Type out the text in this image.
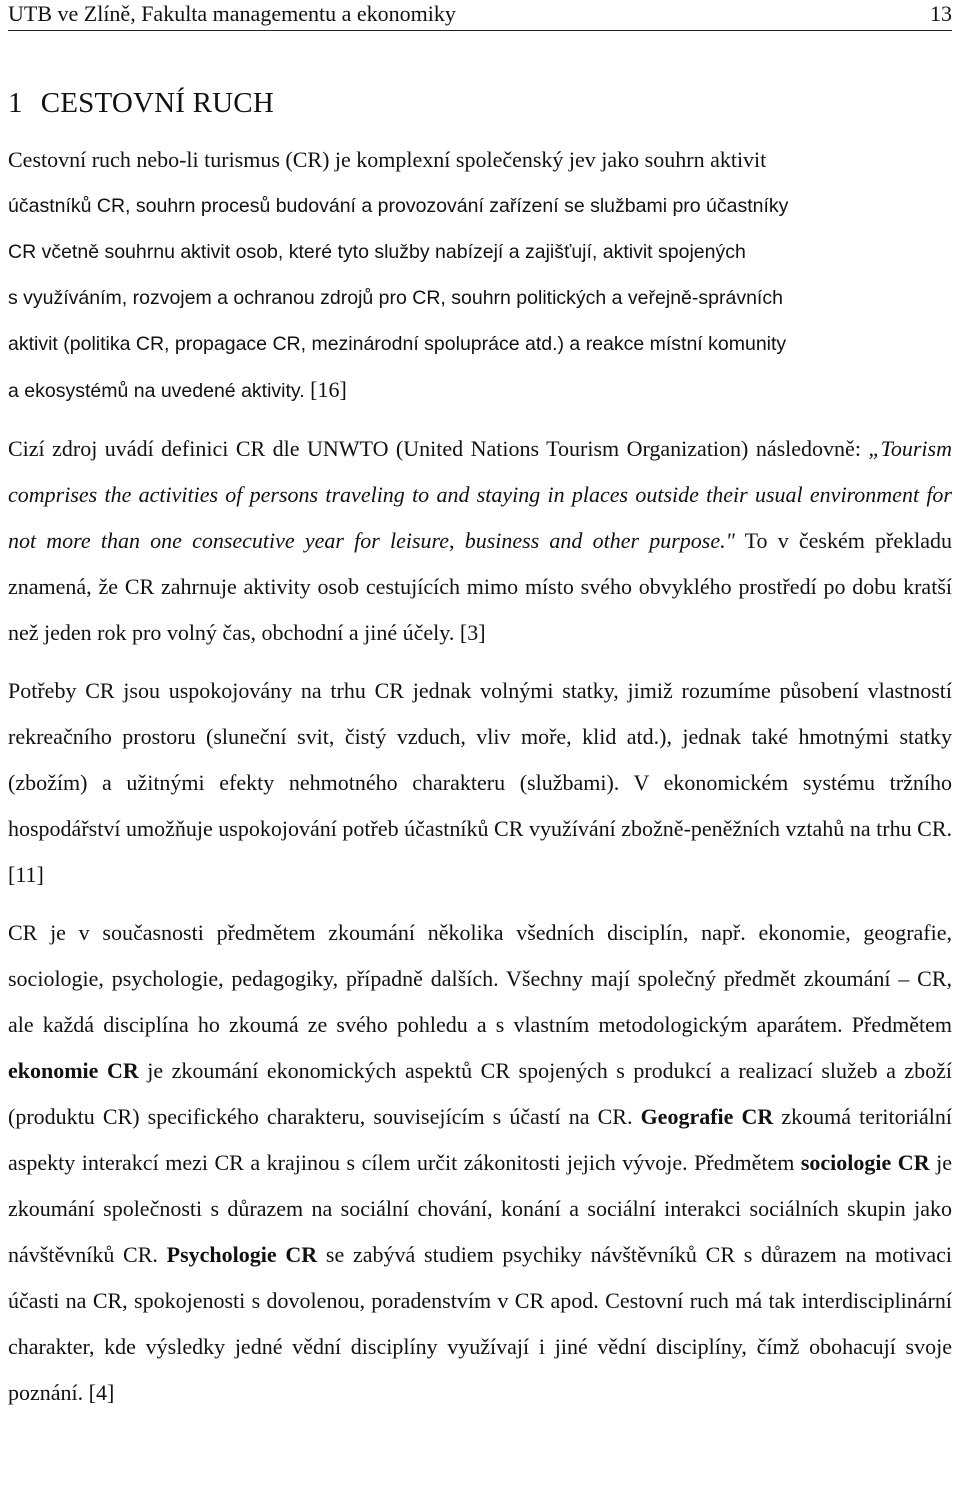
UTB ve Zlíně, Fakulta managementu a ekonomiky	13
1 CESTOVNÍ RUCH
Cestovní ruch nebo-li turismus (CR) je komplexní společenský jev jako souhrn aktivit
účastníků CR, souhrn procesů budování a provozování zařízení se službami pro účastníky
CR včetně souhrnu aktivit osob, které tyto služby nabízejí a zajišťují, aktivit spojených
s využíváním, rozvojem a ochranou zdrojů pro CR, souhrn politických a veřejně-správních
aktivit (politika CR, propagace CR, mezinárodní spolupráce atd.) a reakce místní komunity
a ekosystémů na uvedené aktivity. [16]

Cizí zdroj uvádí definici CR dle UNWTO (United Nations Tourism Organization) následovně: „Tourism comprises the activities of persons traveling to and staying in places outside their usual environment for not more than one consecutive year for leisure, business and other purpose." To v českém překladu znamená, že CR zahrnuje aktivity osob cestujících mimo místo svého obvyklého prostředí po dobu kratší než jeden rok pro volný čas, obchodní a jiné účely. [3]

Potřeby CR jsou uspokojovány na trhu CR jednak volnými statky, jimiž rozumíme působení vlastností rekreačního prostoru (sluneční svit, čistý vzduch, vliv moře, klid atd.), jednak také hmotnými statky (zbožím) a užitnými efekty nehmotného charakteru (službami). V ekonomickém systému tržního hospodářství umožňuje uspokojování potřeb účastníků CR využívání zbožně-peněžních vztahů na trhu CR. [11]

CR je v současnosti předmětem zkoumání několika všedních disciplín, např. ekonomie, geografie, sociologie, psychologie, pedagogiky, případně dalších. Všechny mají společný předmět zkoumání – CR, ale každá disciplína ho zkoumá ze svého pohledu a s vlastním metodologickým aparátem. Předmětem ekonomie CR je zkoumání ekonomických aspektů CR spojených s produkcí a realizací služeb a zboží (produktu CR) specifického charakteru, souvisejícím s účastí na CR. Geografie CR zkoumá teritoriální aspekty interakcí mezi CR a krajinou s cílem určit zákonitosti jejich vývoje. Předmětem sociologie CR je zkoumání společnosti s důrazem na sociální chování, konání a sociální interakci sociálních skupin jako návštěvníků CR. Psychologie CR se zabývá studiem psychiky návštěvníků CR s důrazem na motivaci účasti na CR, spokojenosti s dovolenou, poradenstvím v CR apod. Cestovní ruch má tak interdisciplinární charakter, kde výsledky jedné vědní disciplíny využívají i jiné vědní disciplíny, čímž obohacují svoje poznání. [4]
